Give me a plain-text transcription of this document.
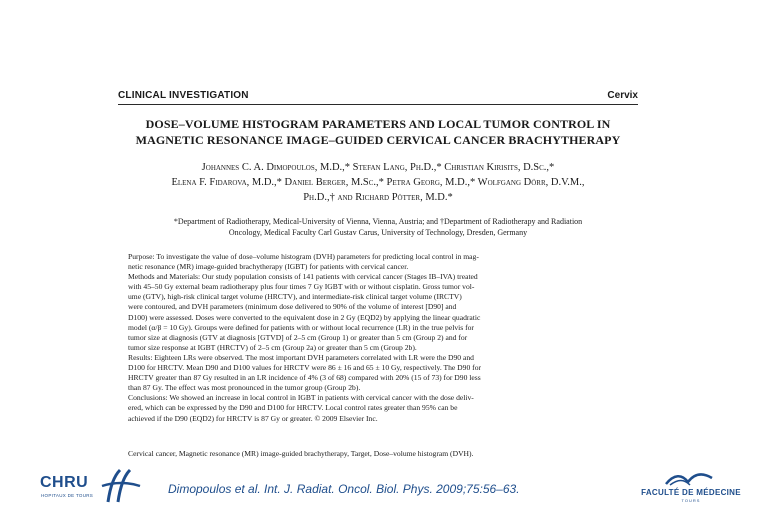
CLINICAL INVESTIGATION	Cervix
DOSE–VOLUME HISTOGRAM PARAMETERS AND LOCAL TUMOR CONTROL IN
MAGNETIC RESONANCE IMAGE–GUIDED CERVICAL CANCER BRACHYTHERAPY
Johannes C. A. Dimopoulos, M.D.,* Stefan Lang, Ph.D.,* Christian Kirisits, D.Sc.,*
Elena F. Fidarova, M.D.,* Daniel Berger, M.Sc.,* Petra Georg, M.D.,* Wolfgang Dörr, D.V.M.,
Ph.D.,† and Richard Pötter, M.D.*
*Department of Radiotherapy, Medical-University of Vienna, Vienna, Austria; and †Department of Radiotherapy and Radiation
Oncology, Medical Faculty Carl Gustav Carus, University of Technology, Dresden, Germany
Purpose: To investigate the value of dose–volume histogram (DVH) parameters for predicting local control in mag-
netic resonance (MR) image-guided brachytherapy (IGBT) for patients with cervical cancer.
Methods and Materials: Our study population consists of 141 patients with cervical cancer (Stages IB–IVA) treated
with 45–50 Gy external beam radiotherapy plus four times 7 Gy IGBT with or without cisplatin. Gross tumor vol-
ume (GTV), high-risk clinical target volume (HRCTV), and intermediate-risk clinical target volume (IRCTV)
were contoured, and DVH parameters (minimum dose delivered to 90% of the volume of interest [D90] and
D100) were assessed. Doses were converted to the equivalent dose in 2 Gy (EQD2) by applying the linear quadratic
model (α/β = 10 Gy). Groups were defined for patients with or without local recurrence (LR) in the true pelvis for
tumor size at diagnosis (GTV at diagnosis [GTVD] of 2–5 cm (Group 1) or greater than 5 cm (Group 2) and for
tumor size response at IGBT (HRCTV) of 2–5 cm (Group 2a) or greater than 5 cm (Group 2b).
Results: Eighteen LRs were observed. The most important DVH parameters correlated with LR were the D90 and
D100 for HRCTV. Mean D90 and D100 values for HRCTV were 86 ± 16 and 65 ± 10 Gy, respectively. The D90 for
HRCTV greater than 87 Gy resulted in an LR incidence of 4% (3 of 68) compared with 20% (15 of 73) for D90 less
than 87 Gy. The effect was most pronounced in the tumor group (Group 2b).
Conclusions: We showed an increase in local control in IGBT in patients with cervical cancer with the dose deliv-
ered, which can be expressed by the D90 and D100 for HRCTV. Local control rates greater than 95% can be
achieved if the D90 (EQD2) for HRCTV is 87 Gy or greater. © 2009 Elsevier Inc.
Cervical cancer, Magnetic resonance (MR) image-guided brachytherapy, Target, Dose–volume histogram (DVH).
CHRU
HOPITAUX DE TOURS	Dimopoulos et al. Int. J. Radiat. Oncol. Biol. Phys. 2009;75:56–63.	FACULTÉ DE MÉDECINE
TOURS
